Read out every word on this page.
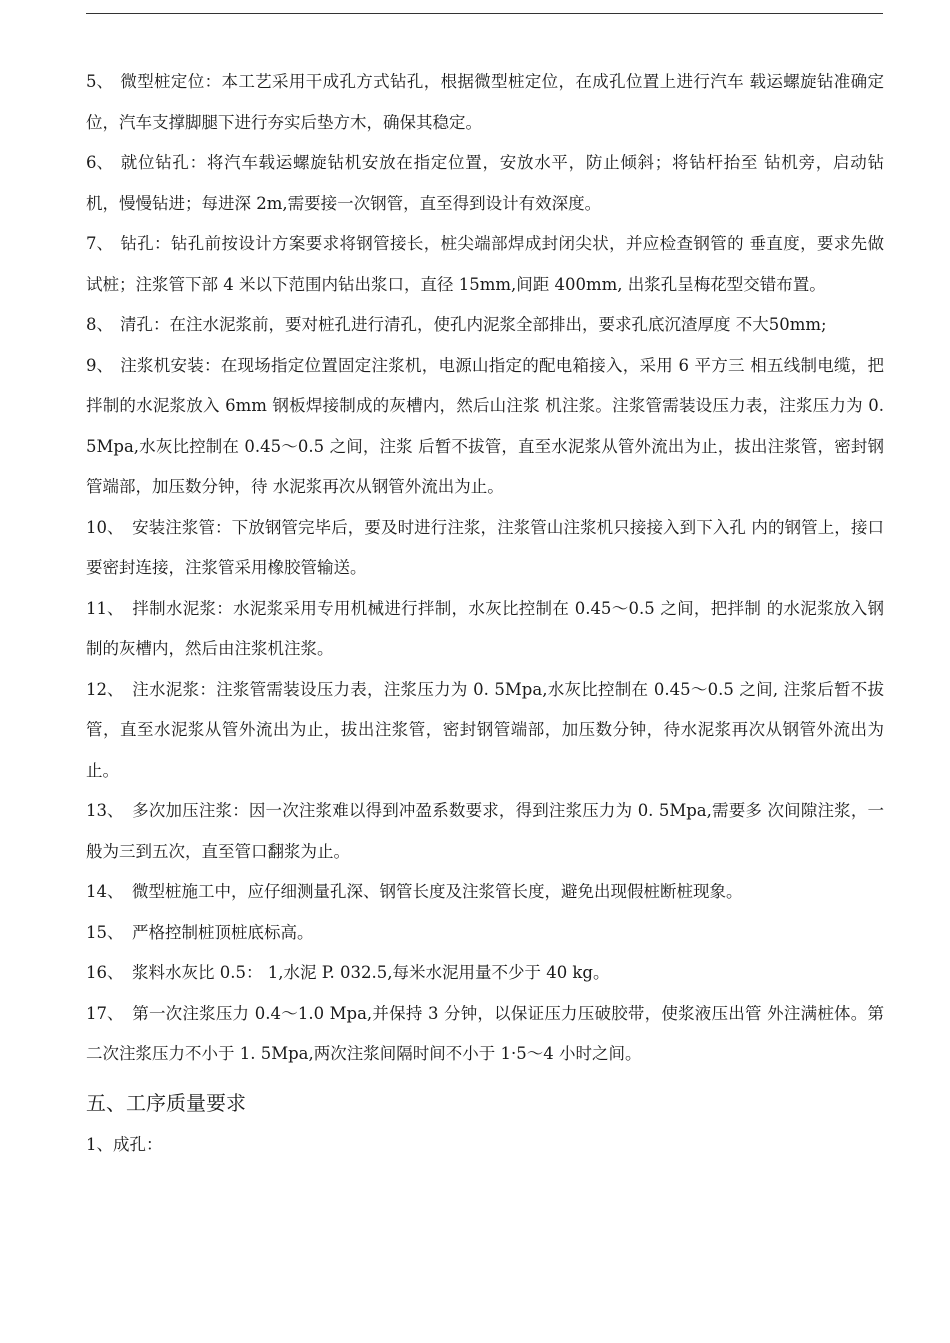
5、 微型桩定位：本工艺采用干成孔方式钻孔，根据微型桩定位，在成孔位置上进行汽车 载运螺旋钻准确定位，汽车支撑脚腿下进行夯实后垫方木，确保其稳定。

6、 就位钻孔：将汽车载运螺旋钻机安放在指定位置，安放水平，防止倾斜；将钻杆抬至 钻机旁，启动钻机，慢慢钻进；每进深 2m,需要接一次钢管，直至得到设计有效深度。

7、 钻孔：钻孔前按设计方案要求将钢管接长，桩尖端部焊成封闭尖状，并应检查钢管的 垂直度，要求先做试桩；注浆管下部 4 米以下范围内钻出浆口，直径 15mm,间距 400mm, 出浆孔呈梅花型交错布置。

8、 清孔：在注水泥浆前，要对桩孔进行清孔，使孔内泥浆全部排出，要求孔底沉渣厚度 不大50mm;

9、 注浆机安装：在现场指定位置固定注浆机，电源山指定的配电箱接入，采用 6 平方三 相五线制电缆，把拌制的水泥浆放入 6mm 钢板焊接制成的灰槽内，然后山注浆 机注浆。注浆管需装设压力表，注浆压力为 0. 5Mpa,水灰比控制在 0.45〜0.5 之间，注浆 后暂不拔管，直至水泥浆从管外流出为止，拔出注浆管，密封钢管端部，加压数分钟，待 水泥浆再次从钢管外流出为止。

10、 安装注浆管：下放钢管完毕后，要及时进行注浆，注浆管山注浆机只接接入到下入孔 内的钢管上，接口要密封连接，注浆管采用橡胶管输送。

11、 拌制水泥浆：水泥浆采用专用机械进行拌制，水灰比控制在 0.45〜0.5 之间，把拌制 的水泥浆放入钢制的灰槽内，然后由注浆机注浆。

12、 注水泥浆：注浆管需装设压力表，注浆压力为 0. 5Mpa,水灰比控制在 0.45〜0.5 之间, 注浆后暂不拔管，直至水泥浆从管外流出为止，拔出注浆管，密封钢管端部，加压数分钟，待水泥浆再次从钢管外流出为止。

13、 多次加压注浆：因一次注浆难以得到冲盈系数要求，得到注浆压力为 0. 5Mpa,需要多 次间隙注浆，一般为三到五次，直至管口翻浆为止。

14、 微型桩施工中，应仔细测量孔深、钢管长度及注浆管长度，避免出现假桩断桩现象。

15、 严格控制桩顶桩底标高。

16、 浆料水灰比 0.5： 1,水泥 P. 032.5,每米水泥用量不少于 40 kg。

17、 第一次注浆压力 0.4〜1.0 Mpa,并保持 3 分钟，以保证压力压破胶带，使浆液压出管 外注满桩体。第二次注浆压力不小于 1. 5Mpa,两次注浆间隔时间不小于 1·5〜4 小时之间。

五、工序质量要求

1、成孔：
